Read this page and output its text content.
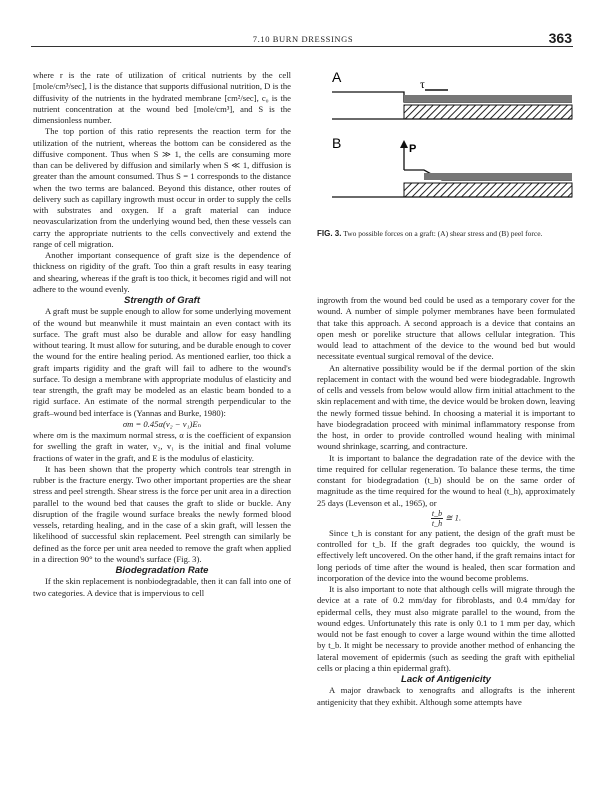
7.10 BURN DRESSINGS	363

where r is the rate of utilization of critical nutrients by the cell [mole/cm³/sec], l is the distance that supports diffusional nutrition, D is the diffusivity of the nutrients in the hydrated membrane [cm²/sec], c₀ is the nutrient concentration at the wound bed [mole/cm³], and S is the dimensionless number.

The top portion of this ratio represents the reaction term for the utilization of the nutrient, whereas the bottom can be considered as the diffusive component. Thus when S ≫ 1, the cells are consuming more than can be delivered by diffusion and similarly when S ≪ 1, diffusion is greater than the amount consumed. Thus S = 1 corresponds to the distance when the two terms are balanced. Beyond this distance, other routes of delivery such as capillary ingrowth must occur in order to supply the cells with substrates and oxygen. If a graft material can induce neovascularization from the underlying wound bed, then these vessels can carry the appropriate nutrients to the cells convectively and extend the range of cell migration.

Another important consequence of graft size is the dependence of thickness on rigidity of the graft. Too thin a graft results in easy tearing and shearing, whereas if the graft is too thick, it becomes rigid and will not adhere to the wound evenly.

Strength of Graft

A graft must be supple enough to allow for some underlying movement of the wound but meanwhile it must maintain an even contact with its surface. The graft must also be durable and allow for easy handling without tearing. It must allow for suturing, and be durable enough to cover the wound for the entire healing period. As mentioned earlier, too thick a graft imparts rigidity and the graft will fail to adhere to the wound's surface. To design a membrane with appropriate modulus of elasticity and tear strength, the graft may be modeled as an elastic beam bonded to a rigid surface. An estimate of the normal strength perpendicular to the graft–wound bed interface is (Yannas and Burke, 1980):

σm = 0.45α(v₂ − v₁)Eₙ

where σm is the maximum normal stress, α is the coefficient of expansion for swelling the graft in water, v₂, v₁ is the initial and final volume fractions of water in the graft, and E is the modulus of elasticity.

It has been shown that the property which controls tear strength in rubber is the fracture energy. Two other important properties are the shear stress and peel strength. Shear stress is the force per unit area in a direction parallel to the wound bed that causes the graft to slide or buckle. Any disruption of the fragile wound surface breaks the newly formed blood vessels, retarding healing, and in the case of a skin graft, will lessen the likelihood of successful skin replacement. Peel strength can similarly be defined as the force per unit area needed to remove the graft when applied in a direction 90° to the wound's surface (Fig. 3).

Biodegradation Rate

If the skin replacement is nonbiodegradable, then it can fall into one of two categories. A device that is impervious to cell

A	τ
B	P
FIG. 3. Two possible forces on a graft: (A) shear stress and (B) peel force.

ingrowth from the wound bed could be used as a temporary cover for the wound. A number of simple polymer membranes have been formulated that take this approach. A second approach is a device that contains an open mesh or porelike structure that allows cellular integration. This would lead to attachment of the device to the wound bed but would necessitate eventual surgical removal of the device.

An alternative possibility would be if the dermal portion of the skin replacement in contact with the wound bed were biodegradable. Ingrowth of cells and vessels from below would allow firm initial attachment to the skin replacement and with time, the device would be broken down, leaving the newly formed tissue behind. In choosing a material it is important to have biodegradation proceed with minimal inflammatory response from the host, in order to provide controlled wound healing with minimal wound shrinkage, scarring, and contracture.

It is important to balance the degradation rate of the device with the time required for cellular regeneration. To balance these terms, the time constant for biodegradation (t_b) should be on the same order of magnitude as the time required for the wound to heal (t_h), approximately 25 days (Levenson et al., 1965), or

$\frac{t\_b}{t\_h}$ ≅ 1.

Since t_h is constant for any patient, the design of the graft must be controlled for t_b. If the graft degrades too quickly, the wound is effectively left uncovered. On the other hand, if the graft remains intact for long periods of time after the wound is healed, then scar formation and incorporation of the device into the wound become problems.

It is also important to note that although cells will migrate through the device at a rate of 0.2 mm/day for fibroblasts, and 0.4 mm/day for epidermal cells, they must also migrate parallel to the wound, from the wound edges. Unfortunately this rate is only 0.1 to 1 mm per day, which would not be fast enough to cover a large wound within the time allotted by t_b. It might be necessary to provide another method of enhancing the lateral movement of epidermis (such as seeding the graft with epithelial cells or placing a thin epidermal graft).

Lack of Antigenicity

A major drawback to xenografts and allografts is the inherent antigenicity that they exhibit. Although some attempts have
